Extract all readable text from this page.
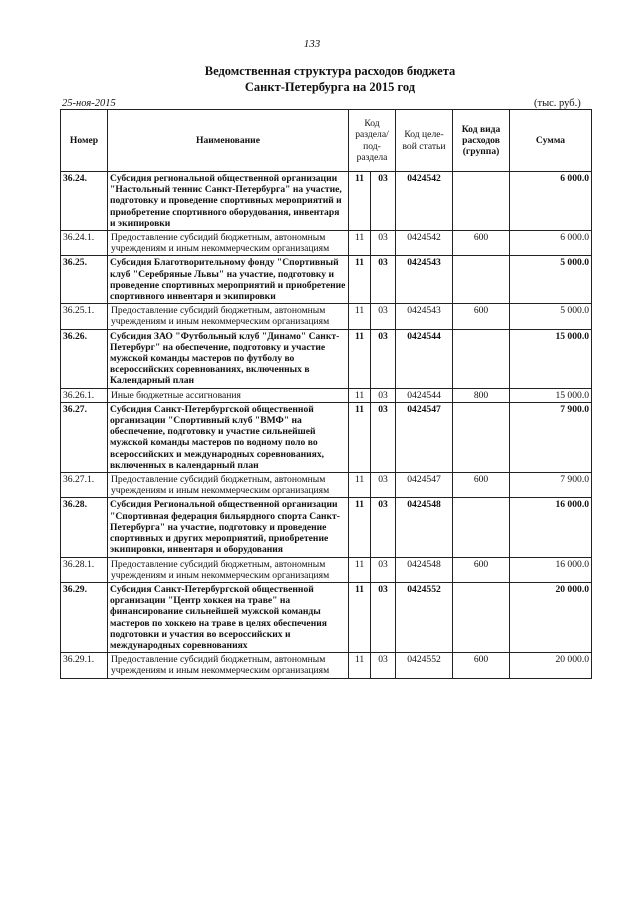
133
Ведомственная структура расходов бюджета
Санкт-Петербурга на 2015 год
25-ноя-2015	(тыс. руб.)
Номер	Наименование	Код раздела/ под-раздела		Код целе-вой статьи	Код вида расходов (группа)	Сумма
36.24.	Субсидия региональной общественной организации "Настольный теннис Санкт-Петербурга" на участие, подготовку и проведение спортивных мероприятий и приобретение спортивного оборудования, инвентаря и экипировки	11	03	0424542		6 000.0
36.24.1.	Предоставление субсидий бюджетным, автономным учреждениям и иным некоммерческим организациям	11	03	0424542	600	6 000.0
36.25.	Субсидия Благотворительному фонду "Спортивный клуб "Серебряные Львы" на участие, подготовку и проведение спортивных мероприятий и приобретение спортивного инвентаря и экипировки	11	03	0424543		5 000.0
36.25.1.	Предоставление субсидий бюджетным, автономным учреждениям и иным некоммерческим организациям	11	03	0424543	600	5 000.0
36.26.	Субсидия ЗАО "Футбольный клуб "Динамо" Санкт-Петербург" на обеспечение, подготовку и участие мужской команды мастеров по футболу во всероссийских соревнованиях, включенных в Календарный план	11	03	0424544		15 000.0
36.26.1.	Иные бюджетные ассигнования	11	03	0424544	800	15 000.0
36.27.	Субсидия Санкт-Петербургской общественной организации "Спортивный клуб "ВМФ" на обеспечение, подготовку и участие сильнейшей мужской команды мастеров по водному поло во всероссийских и международных соревнованиях, включенных в календарный план	11	03	0424547		7 900.0
36.27.1.	Предоставление субсидий бюджетным, автономным учреждениям и иным некоммерческим организациям	11	03	0424547	600	7 900.0
36.28.	Субсидия Региональной общественной организации "Спортивная федерация бильярдного спорта Санкт-Петербурга" на участие, подготовку и проведение спортивных и других мероприятий, приобретение экипировки, инвентаря и оборудования	11	03	0424548		16 000.0
36.28.1.	Предоставление субсидий бюджетным, автономным учреждениям и иным некоммерческим организациям	11	03	0424548	600	16 000.0
36.29.	Субсидия Санкт-Петербургской общественной организации "Центр хоккея на траве" на финансирование сильнейшей мужской команды мастеров по хоккею на траве в целях обеспечения подготовки и участия во всероссийских и международных соревнованиях	11	03	0424552		20 000.0
36.29.1.	Предоставление субсидий бюджетным, автономным учреждениям и иным некоммерческим организациям	11	03	0424552	600	20 000.0
